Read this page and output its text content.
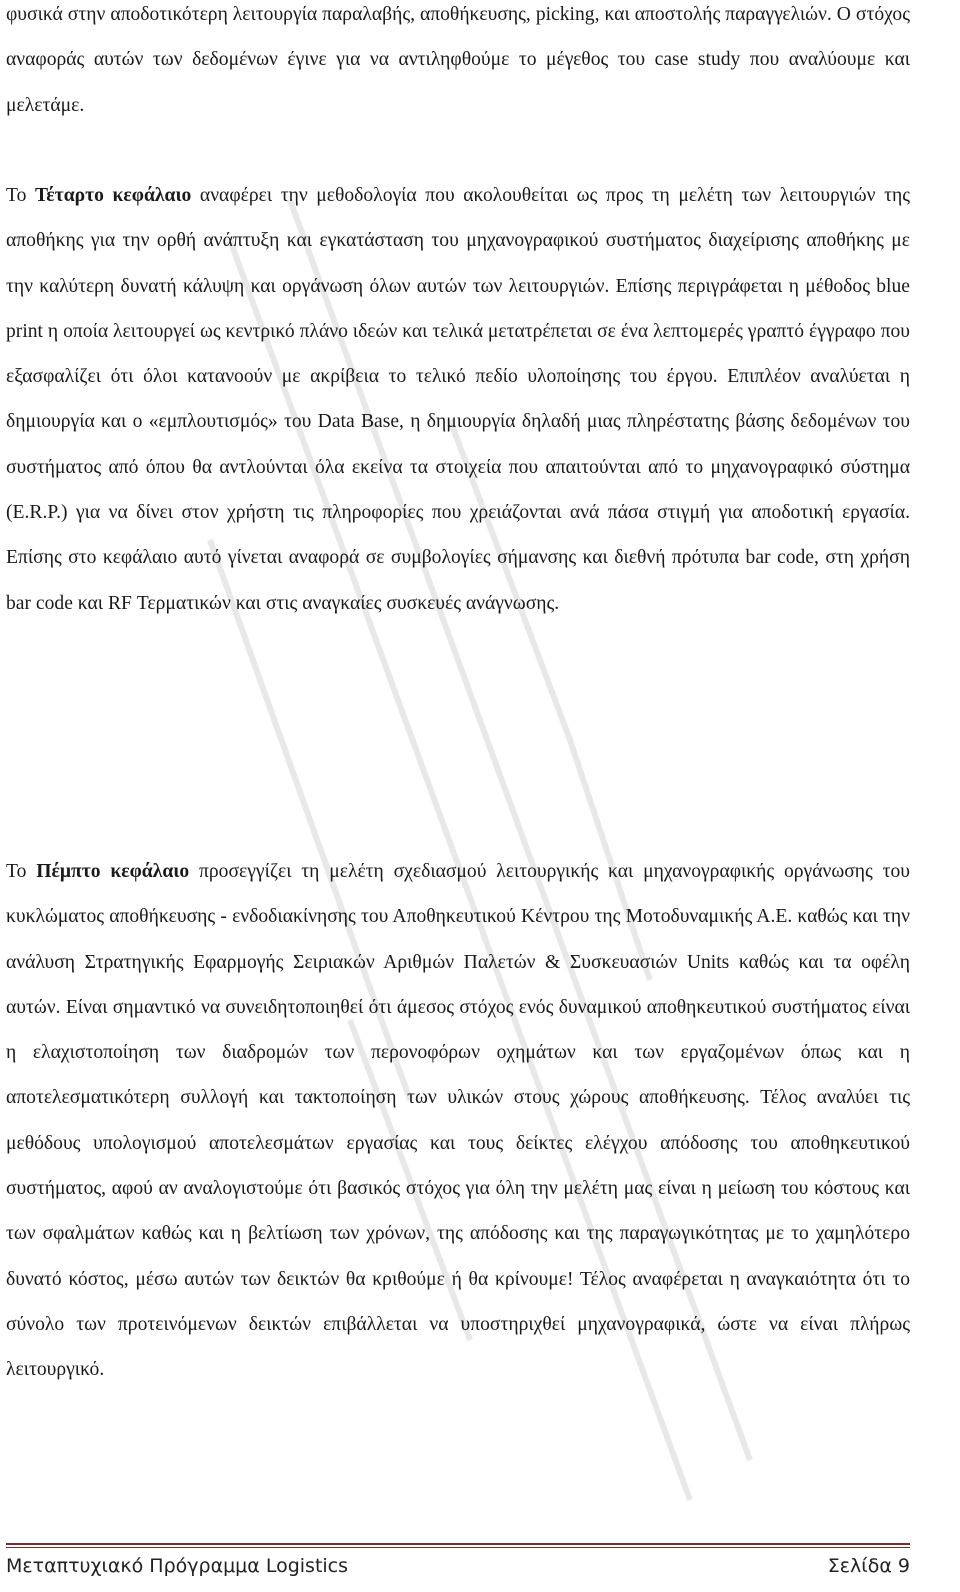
φυσικά στην αποδοτικότερη λειτουργία παραλαβής, αποθήκευσης, picking, και αποστολής παραγγελιών. Ο στόχος αναφοράς αυτών των δεδομένων έγινε για να αντιληφθούμε το μέγεθος του case study που αναλύουμε και μελετάμε.

Το Τέταρτο κεφάλαιο αναφέρει την μεθοδολογία που ακολουθείται ως προς τη μελέτη των λειτουργιών της αποθήκης για την ορθή ανάπτυξη και εγκατάσταση του μηχανογραφικού συστήματος διαχείρισης αποθήκης με την καλύτερη δυνατή κάλυψη και οργάνωση όλων αυτών των λειτουργιών. Επίσης περιγράφεται η μέθοδος blue print η οποία λειτουργεί ως κεντρικό πλάνο ιδεών και τελικά μετατρέπεται σε ένα λεπτομερές γραπτό έγγραφο που εξασφαλίζει ότι όλοι κατανοούν με ακρίβεια το τελικό πεδίο υλοποίησης του έργου. Επιπλέον αναλύεται η δημιουργία και ο «εμπλουτισμός» του Data Base, η δημιουργία δηλαδή μιας πληρέστατης βάσης δεδομένων του συστήματος από όπου θα αντλούνται όλα εκείνα τα στοιχεία που απαιτούνται από το μηχανογραφικό σύστημα (E.R.P.) για να δίνει στον χρήστη τις πληροφορίες που χρειάζονται ανά πάσα στιγμή για αποδοτική εργασία. Επίσης στο κεφάλαιο αυτό γίνεται αναφορά σε συμβολογίες σήμανσης και διεθνή πρότυπα bar code, στη χρήση bar code και RF Τερματικών και στις αναγκαίες συσκευές ανάγνωσης.

Το Πέμπτο κεφάλαιο προσεγγίζει τη μελέτη σχεδιασμού λειτουργικής και μηχανογραφικής οργάνωσης του κυκλώματος αποθήκευσης - ενδοδιακίνησης του Αποθηκευτικού Κέντρου της Μοτοδυναμικής Α.Ε. καθώς και την ανάλυση Στρατηγικής Εφαρμογής Σειριακών Αριθμών Παλετών & Συσκευασιών Units καθώς και τα οφέλη αυτών. Είναι σημαντικό να συνειδητοποιηθεί ότι άμεσος στόχος ενός δυναμικού αποθηκευτικού συστήματος είναι η ελαχιστοποίηση των διαδρομών των περονοφόρων οχημάτων και των εργαζομένων όπως και η αποτελεσματικότερη συλλογή και τακτοποίηση των υλικών στους χώρους αποθήκευσης. Τέλος αναλύει τις μεθόδους υπολογισμού αποτελεσμάτων εργασίας και τους δείκτες ελέγχου απόδοσης του αποθηκευτικού συστήματος, αφού αν αναλογιστούμε ότι βασικός στόχος για όλη την μελέτη μας είναι η μείωση του κόστους και των σφαλμάτων καθώς και η βελτίωση των χρόνων, της απόδοσης και της παραγωγικότητας με το χαμηλότερο δυνατό κόστος, μέσω αυτών των δεικτών θα κριθούμε ή θα κρίνουμε! Τέλος αναφέρεται η αναγκαιότητα ότι το σύνολο των προτεινόμενων δεικτών επιβάλλεται να υποστηριχθεί μηχανογραφικά, ώστε να είναι πλήρως λειτουργικό.

Μεταπτυχιακό Πρόγραμμα Logistics	Σελίδα 9
